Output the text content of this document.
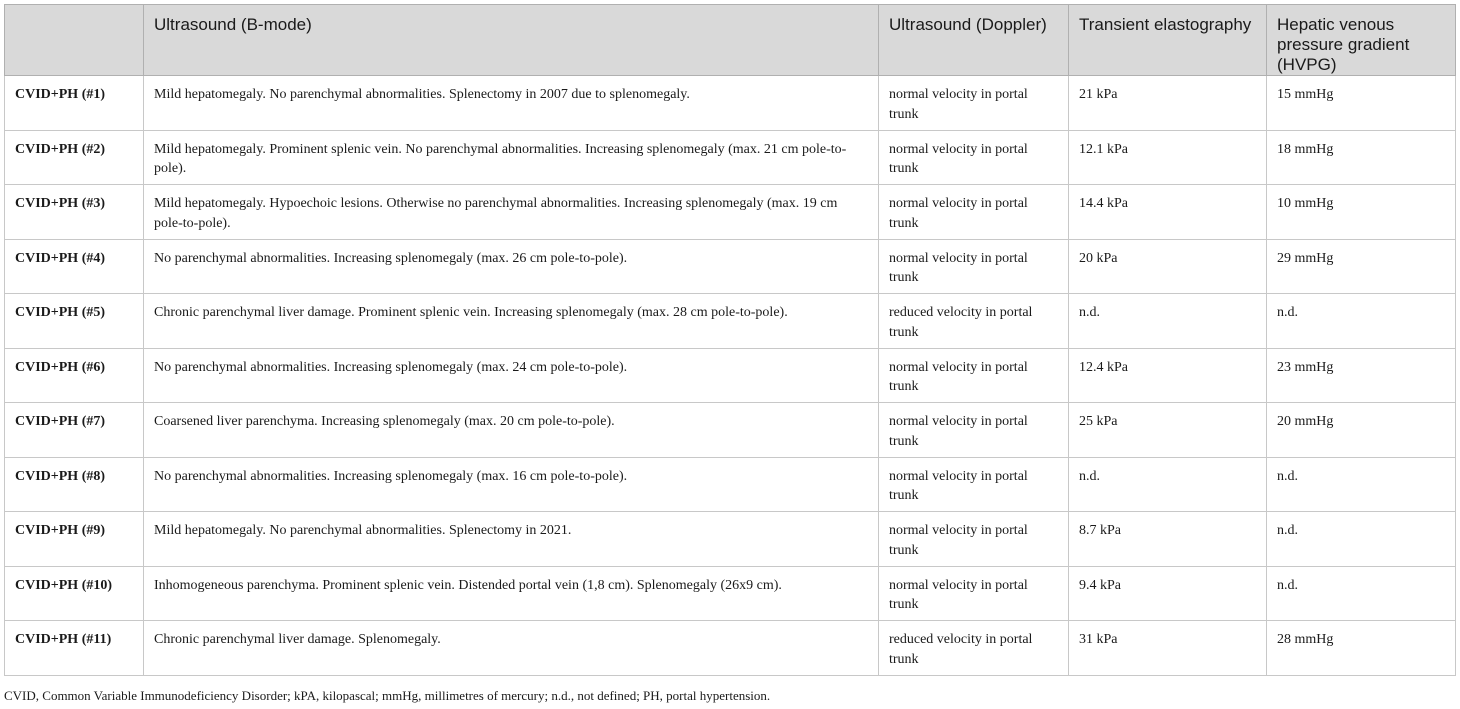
	Ultrasound (B-mode)	Ultrasound (Doppler)	Transient elastography	Hepatic venous pressure gradient (HVPG)
CVID+PH (#1)	Mild hepatomegaly. No parenchymal abnormalities. Splenectomy in 2007 due to splenomegaly.	normal velocity in portal trunk	21 kPa	15 mmHg
CVID+PH (#2)	Mild hepatomegaly. Prominent splenic vein. No parenchymal abnormalities. Increasing splenomegaly (max. 21 cm pole-to-pole).	normal velocity in portal trunk	12.1 kPa	18 mmHg
CVID+PH (#3)	Mild hepatomegaly. Hypoechoic lesions. Otherwise no parenchymal abnormalities. Increasing splenomegaly (max. 19 cm pole-to-pole).	normal velocity in portal trunk	14.4 kPa	10 mmHg
CVID+PH (#4)	No parenchymal abnormalities. Increasing splenomegaly (max. 26 cm pole-to-pole).	normal velocity in portal trunk	20 kPa	29 mmHg
CVID+PH (#5)	Chronic parenchymal liver damage. Prominent splenic vein. Increasing splenomegaly (max. 28 cm pole-to-pole).	reduced velocity in portal trunk	n.d.	n.d.
CVID+PH (#6)	No parenchymal abnormalities. Increasing splenomegaly (max. 24 cm pole-to-pole).	normal velocity in portal trunk	12.4 kPa	23 mmHg
CVID+PH (#7)	Coarsened liver parenchyma. Increasing splenomegaly (max. 20 cm pole-to-pole).	normal velocity in portal trunk	25 kPa	20 mmHg
CVID+PH (#8)	No parenchymal abnormalities. Increasing splenomegaly (max. 16 cm pole-to-pole).	normal velocity in portal trunk	n.d.	n.d.
CVID+PH (#9)	Mild hepatomegaly. No parenchymal abnormalities. Splenectomy in 2021.	normal velocity in portal trunk	8.7 kPa	n.d.
CVID+PH (#10)	Inhomogeneous parenchyma. Prominent splenic vein. Distended portal vein (1,8 cm). Splenomegaly (26x9 cm).	normal velocity in portal trunk	9.4 kPa	n.d.
CVID+PH (#11)	Chronic parenchymal liver damage. Splenomegaly.	reduced velocity in portal trunk	31 kPa	28 mmHg
CVID, Common Variable Immunodeficiency Disorder; kPA, kilopascal; mmHg, millimetres of mercury; n.d., not defined; PH, portal hypertension.
